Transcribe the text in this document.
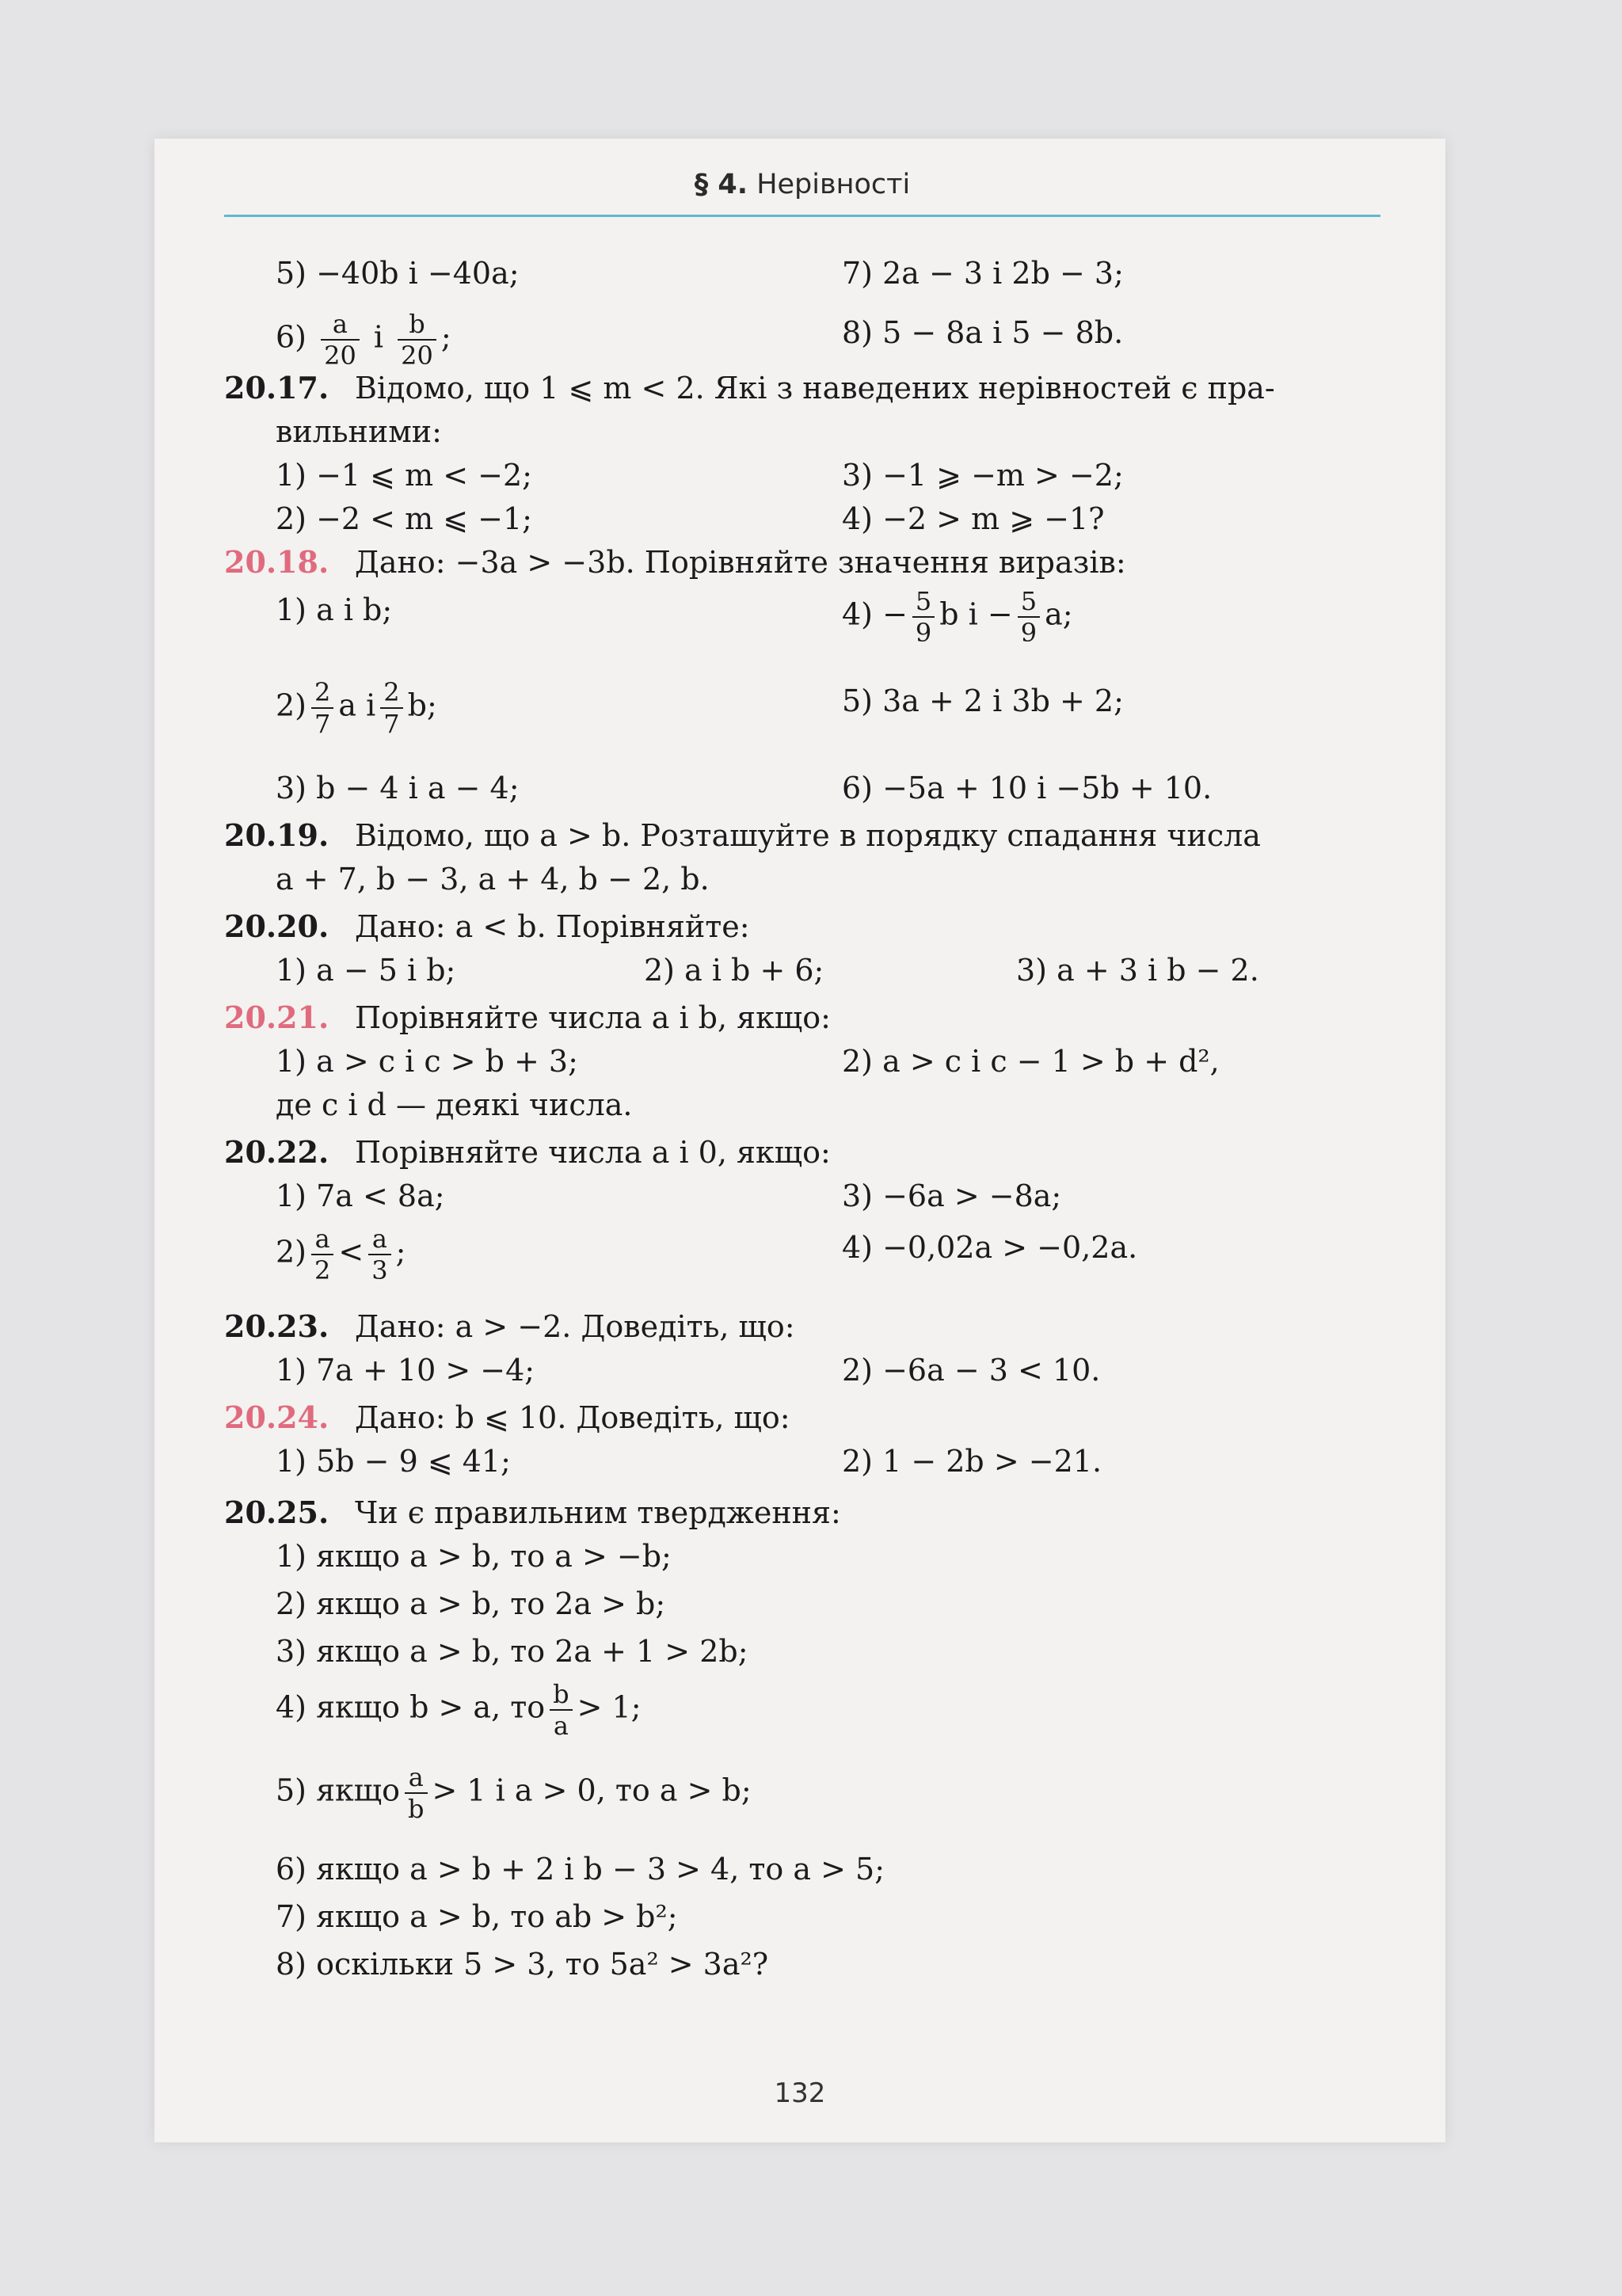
§ 4. Нерівності
5) −40b і −40a;	7) 2a − 3 і 2b − 3;
$6) \frac{a}{20}$ і $\frac{b}{20}$ ;	8) 5 − 8a і 5 − 8b.
20.17. Відомо, що 1 ⩽ m < 2. Які з наведених нерівностей є пра-
вильними:
1) −1 ⩽ m < −2;	3) −1 ⩾ −m > −2;
2) −2 < m ⩽ −1;	4) −2 > m ⩾ −1?
20.18. Дано: −3a > −3b. Порівняйте значення виразів:
1) a і b;	$4) - \frac{5}{9}$ b $і - \frac{5}{9} a$;
$2) \frac{2}{7}$ a і $\frac{2}{7} b$;	5) 3a + 2 і 3b + 2;
3) b − 4 і a − 4;	6) −5a + 10 і −5b + 10.
20.19. Відомо, що a > b. Розташуйте в порядку спадання числа
a + 7, b − 3, a + 4, b − 2, b.
20.20. Дано: a < b. Порівняйте:
1) a − 5 і b;	2) a і b + 6;	3) a + 3 і b − 2.
20.21. Порівняйте числа a і b, якщо:
1) a > c і c > b + 3;	2) a > c і c − 1 > b + d²,
де c і d — деякі числа.
20.22. Порівняйте числа a і 0, якщо:
1) 7a < 8a;	3) −6a > −8a;
$2) \frac{a}{2} < \frac{a}{3}$ ;	4) −0,02a > −0,2a.
20.23. Дано: a > −2. Доведіть, що:
1) 7a + 10 > −4;	2) −6a − 3 < 10.
20.24. Дано: b ⩽ 10. Доведіть, що:
1) 5b − 9 ⩽ 41;	2) 1 − 2b > −21.
20.25. Чи є правильним твердження:
1) якщо a > b, то a > −b;
2) якщо a > b, то 2a > b;
3) якщо a > b, то 2a + 1 > 2b;
4) якщо b > a, то $\frac{b}{a} > 1$;
5) якщо $\frac{a}{b} > 1$ і a > 0, то a > b;
6) якщо a > b + 2 і b − 3 > 4, то a > 5;
7) якщо a > b, то ab > b²;
8) оскільки 5 > 3, то 5a² > 3a²?
132
